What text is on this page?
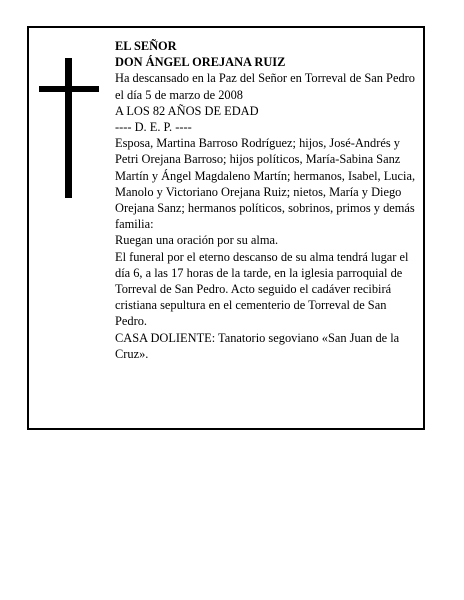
EL SEÑOR

DON ÁNGEL OREJANA RUIZ

Ha descansado en la Paz del Señor en Torreval de San Pedro el día 5 de marzo de 2008

A LOS 82 AÑOS DE EDAD

---- D. E. P. ----

Esposa, Martina Barroso Rodríguez; hijos, José-Andrés y Petri Orejana Barroso; hijos políticos, María-Sabina Sanz Martín y Ángel Magdaleno Martín; hermanos, Isabel, Lucia, Manolo y Victoriano Orejana Ruiz; nietos, María y Diego Orejana Sanz; hermanos políticos, sobrinos, primos y demás familia:

Ruegan una oración por su alma.

El funeral por el eterno descanso de su alma tendrá lugar el día 6, a las 17 horas de la tarde, en la iglesia parroquial de Torreval de San Pedro. Acto seguido el cadáver recibirá cristiana sepultura en el cementerio de Torreval de San Pedro.

CASA DOLIENTE: Tanatorio segoviano «San Juan de la Cruz».
